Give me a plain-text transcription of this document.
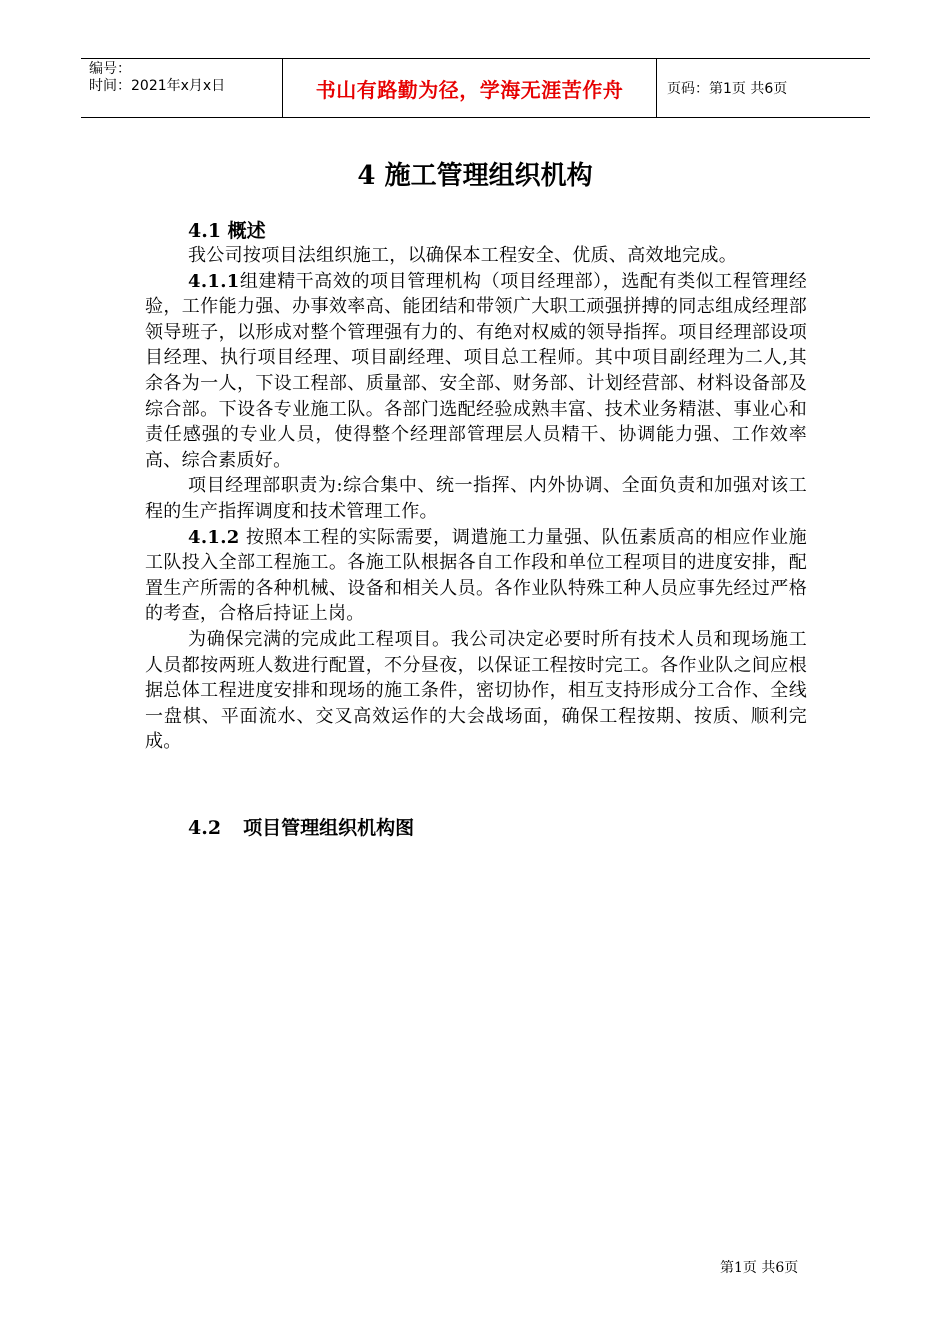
编号：
时间：2021年x月x日	书山有路勤为径，学海无涯苦作舟	页码：第1页 共6页
4 施工管理组织机构
4.1 概述

我公司按项目法组织施工，以确保本工程安全、优质、高效地完成。

4.1.1组建精干高效的项目管理机构（项目经理部），选配有类似工程管理经验，工作能力强、办事效率高、能团结和带领广大职工顽强拼搏的同志组成经理部领导班子，以形成对整个管理强有力的、有绝对权威的领导指挥。项目经理部设项目经理、执行项目经理、项目副经理、项目总工程师。其中项目副经理为二人,其余各为一人，下设工程部、质量部、安全部、财务部、计划经营部、材料设备部及综合部。下设各专业施工队。各部门选配经验成熟丰富、技术业务精湛、事业心和责任感强的专业人员，使得整个经理部管理层人员精干、协调能力强、工作效率高、综合素质好。

项目经理部职责为:综合集中、统一指挥、内外协调、全面负责和加强对该工程的生产指挥调度和技术管理工作。

4.1.2 按照本工程的实际需要，调遣施工力量强、队伍素质高的相应作业施工队投入全部工程施工。各施工队根据各自工作段和单位工程项目的进度安排，配置生产所需的各种机械、设备和相关人员。各作业队特殊工种人员应事先经过严格的考查，合格后持证上岗。

为确保完满的完成此工程项目。我公司决定必要时所有技术人员和现场施工人员都按两班人数进行配置，不分昼夜，以保证工程按时完工。各作业队之间应根据总体工程进度安排和现场的施工条件，密切协作，相互支持形成分工合作、全线一盘棋、平面流水、交叉高效运作的大会战场面，确保工程按期、按质、顺利完成。

4.2 项目管理组织机构图
第1页 共6页
